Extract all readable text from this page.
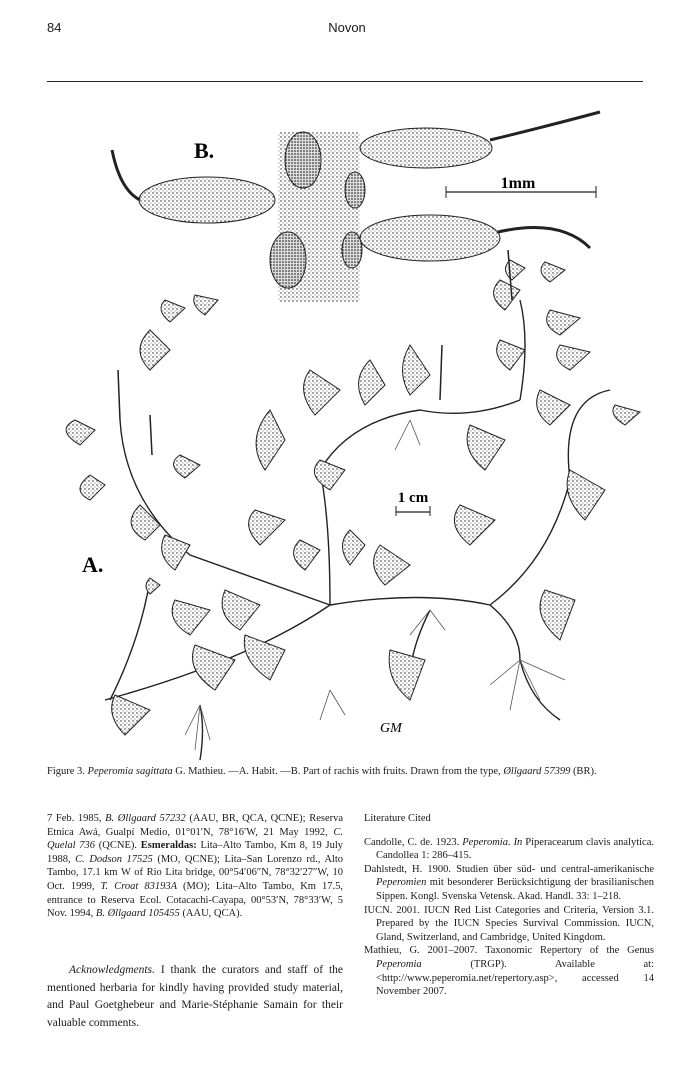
84	Novon
B.
1mm
1 cm
A.
GM
Figure 3. Peperomia sagittata G. Mathieu. —A. Habit. —B. Part of rachis with fruits. Drawn from the type, Øllgaard 57399 (BR).
7 Feb. 1985, B. Øllgaard 57232 (AAU, BR, QCA, QCNE); Reserva Etnica Awá, Gualpí Medio, 01°01′N, 78°16′W, 21 May 1992, C. Quelal 736 (QCNE). Esmeraldas: Lita–Alto Tambo, Km 8, 19 July 1988, C. Dodson 17525 (MO, QCNE); Lita–San Lorenzo rd., Alto Tambo, 17.1 km W of Rio Lita bridge, 00°54′06″N, 78°32′27″W, 10 Oct. 1999, T. Croat 83193A (MO); Lita–Alto Tambo, Km 17.5, entrance to Reserva Ecol. Cotacachi-Cayapa, 00°53′N, 78°33′W, 5 Nov. 1994, B. Øllgaard 105455 (AAU, QCA).
Acknowledgments. I thank the curators and staff of the mentioned herbaria for kindly having provided study material, and Paul Goetghebeur and Marie-Stéphanie Samain for their valuable comments.
Literature Cited
Candolle, C. de. 1923. Peperomia. In Piperacearum clavis analytica. Candollea 1: 286–415.
Dahlstedt, H. 1900. Studien über süd- und central-amerikanische Peperomien mit besonderer Berücksichtigung der brasilianischen Sippen. Kongl. Svenska Vetensk. Akad. Handl. 33: 1–218.
IUCN. 2001. IUCN Red List Categories and Criteria, Version 3.1. Prepared by the IUCN Species Survival Commission. IUCN, Gland, Switzerland, and Cambridge, United Kingdom.
Mathieu, G. 2001–2007. Taxonomic Repertory of the Genus Peperomia	(TRGP). Available at: <http://www.peperomia.net/repertory.asp>, accessed 14 November 2007.
